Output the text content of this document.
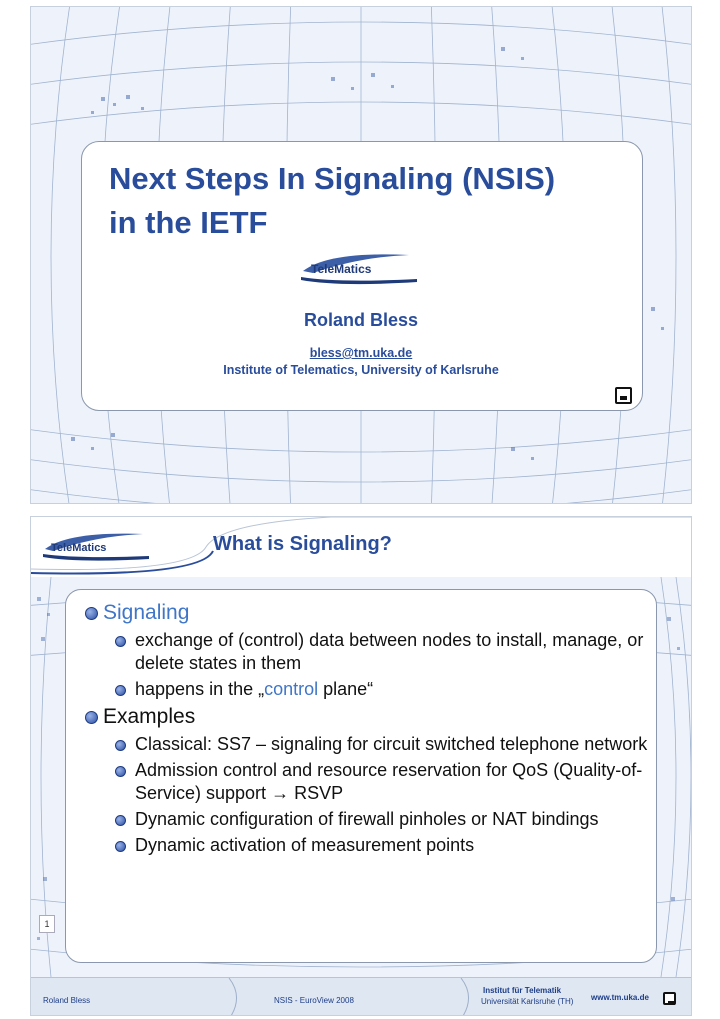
Next Steps In Signaling (NSIS)
in the IETF
TeleMatics
Roland Bless
bless@tm.uka.de
Institute of Telematics, University of Karlsruhe
TeleMatics	What is Signaling?
Signaling
exchange of (control) data between nodes to install, manage, or delete states in them
happens in the „control plane“
Examples
Classical: SS7 – signaling for circuit switched telephone network
Admission control and resource reservation for QoS (Quality-of-Service) support → RSVP
Dynamic configuration of firewall pinholes or NAT bindings
Dynamic activation of measurement points
1
Roland Bless	NSIS - EuroView 2008
Institut für Telematik
Universität Karlsruhe (TH) www.tm.uka.de
